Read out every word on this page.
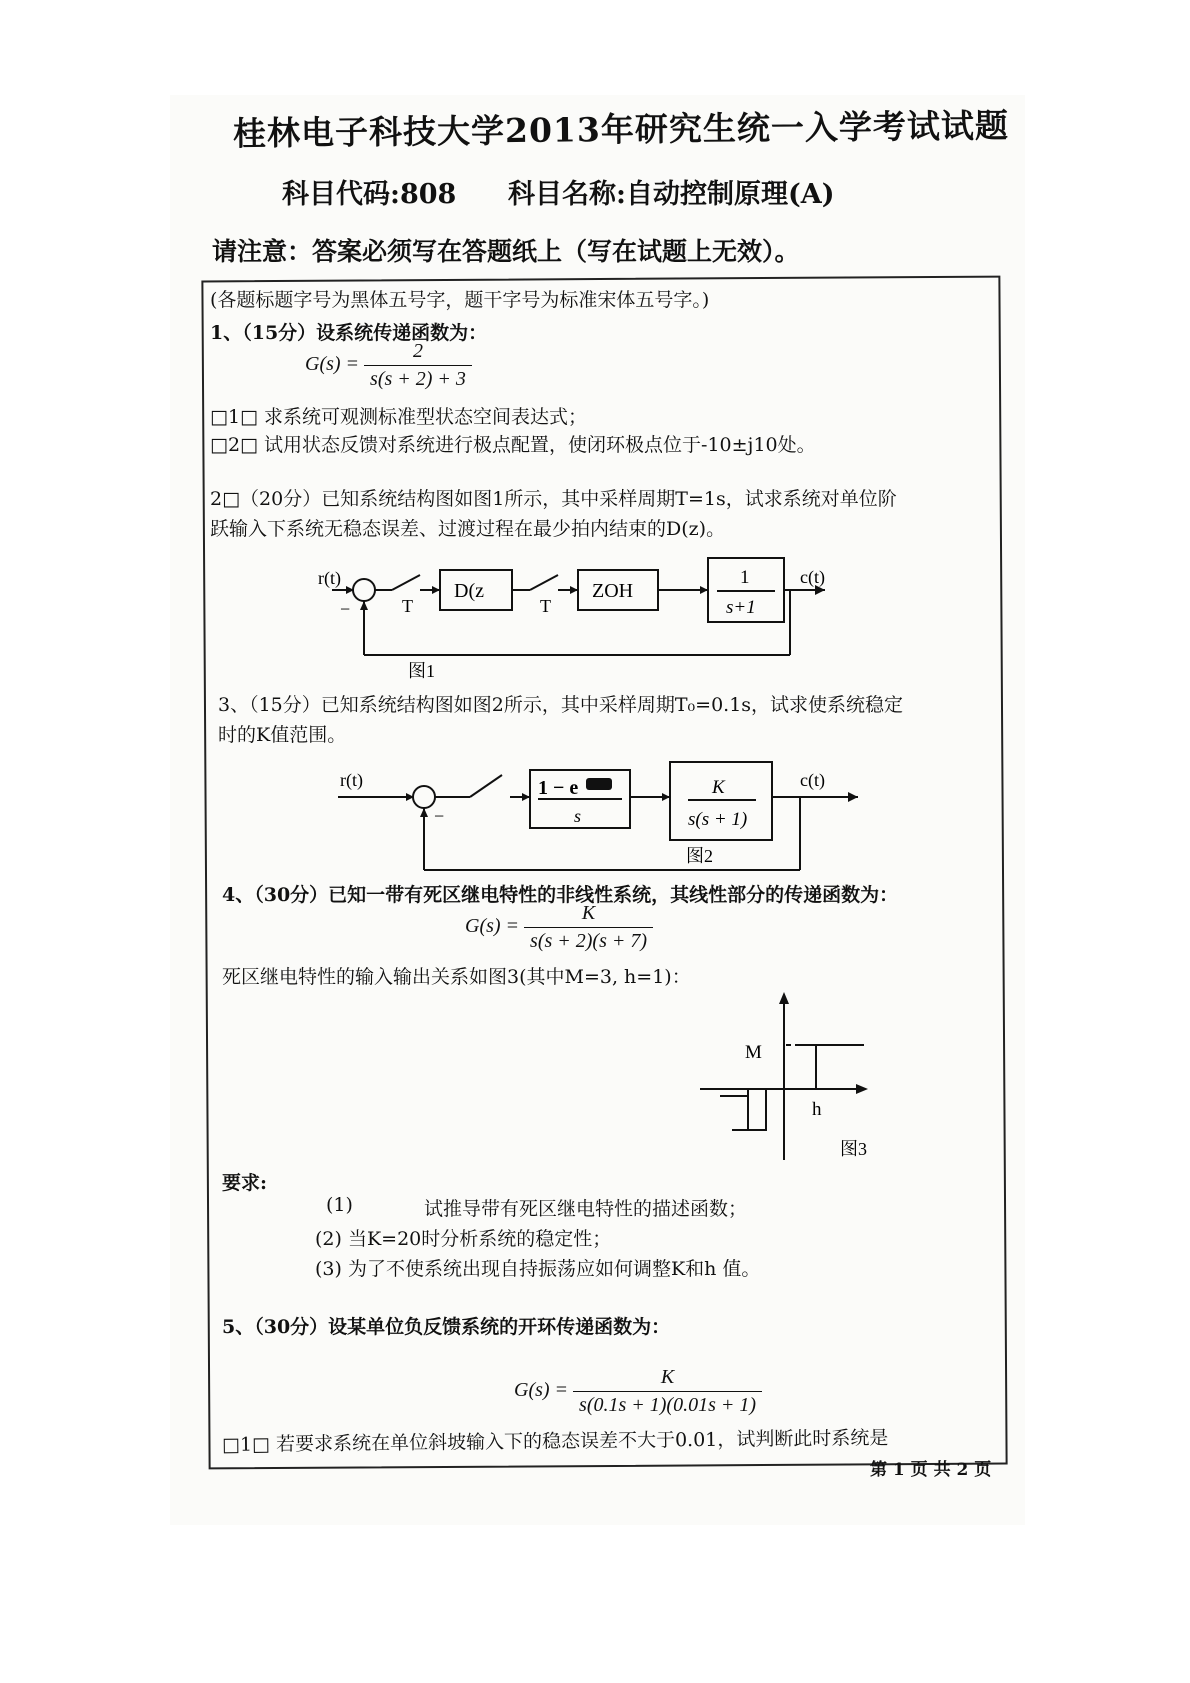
桂林电子科技大学2013年研究生统一入学考试试题
科目代码:808 科目名称:自动控制原理(A)
请注意：答案必须写在答题纸上（写在试题上无效）。
(各题标题字号为黑体五号字，题干字号为标准宋体五号字。)
1、（15分）设系统传递函数为：
$G(s) = \frac{2}{s(s + 2) + 3}$
□1□ 求系统可观测标准型状态空间表达式；
□2□ 试用状态反馈对系统进行极点配置，使闭环极点位于-10±j10处。
2□（20分）已知系统结构图如图1所示，其中采样周期T=1s，试求系统对单位阶
跃输入下系统无稳态误差、过渡过程在最少拍内结束的D(z)。
r(t)
−	T	T
D(z	ZOH
1
s+1
c(t)
图1
3、（15分）已知系统结构图如图2所示，其中采样周期T₀=0.1s，试求使系统稳定
时的K值范围。
r(t)
−
1 − e
s
K
s(s + 1)
c(t)
图2
4、（30分）已知一带有死区继电特性的非线性系统，其线性部分的传递函数为：
$G(s) = \frac{K}{s(s + 2)(s + 7)}$
死区继电特性的输入输出关系如图3(其中M=3, h=1)：
M
h
图3
要求:
(1)	试推导带有死区继电特性的描述函数；
(2) 当K=20时分析系统的稳定性；
(3) 为了不使系统出现自持振荡应如何调整K和h 值。
5、（30分）设某单位负反馈系统的开环传递函数为：
$G(s) = \frac{K}{s(0.1s + 1)(0.01s + 1)}$
□1□ 若要求系统在单位斜坡输入下的稳态误差不大于0.01，试判断此时系统是
第 1 页 共 2 页
